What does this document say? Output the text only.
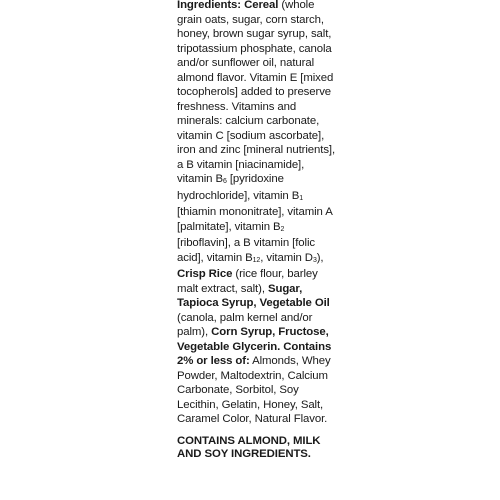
Ingredients: Cereal (whole grain oats, sugar, corn starch, honey, brown sugar syrup, salt, tripotassium phosphate, canola and/or sunflower oil, natural almond flavor. Vitamin E [mixed tocopherols] added to preserve freshness. Vitamins and minerals: calcium carbonate, vitamin C [sodium ascorbate], iron and zinc [mineral nutrients], a B vitamin [niacinamide], vitamin $B_6$ [pyridoxine hydrochloride], vitamin $B_1$ [thiamin mononitrate], vitamin A [palmitate], vitamin $B_2$ [riboflavin], a B vitamin [folic acid], vitamin $B_{12}$, vitamin $D_3$), Crisp Rice (rice flour, barley malt extract, salt), Sugar, Tapioca Syrup, Vegetable Oil (canola, palm kernel and/or palm), Corn Syrup, Fructose, Vegetable Glycerin. Contains 2% or less of: Almonds, Whey Powder, Maltodextrin, Calcium Carbonate, Sorbitol, Soy Lecithin, Gelatin, Honey, Salt, Caramel Color, Natural Flavor.

CONTAINS ALMOND, MILK AND SOY INGREDIENTS.
